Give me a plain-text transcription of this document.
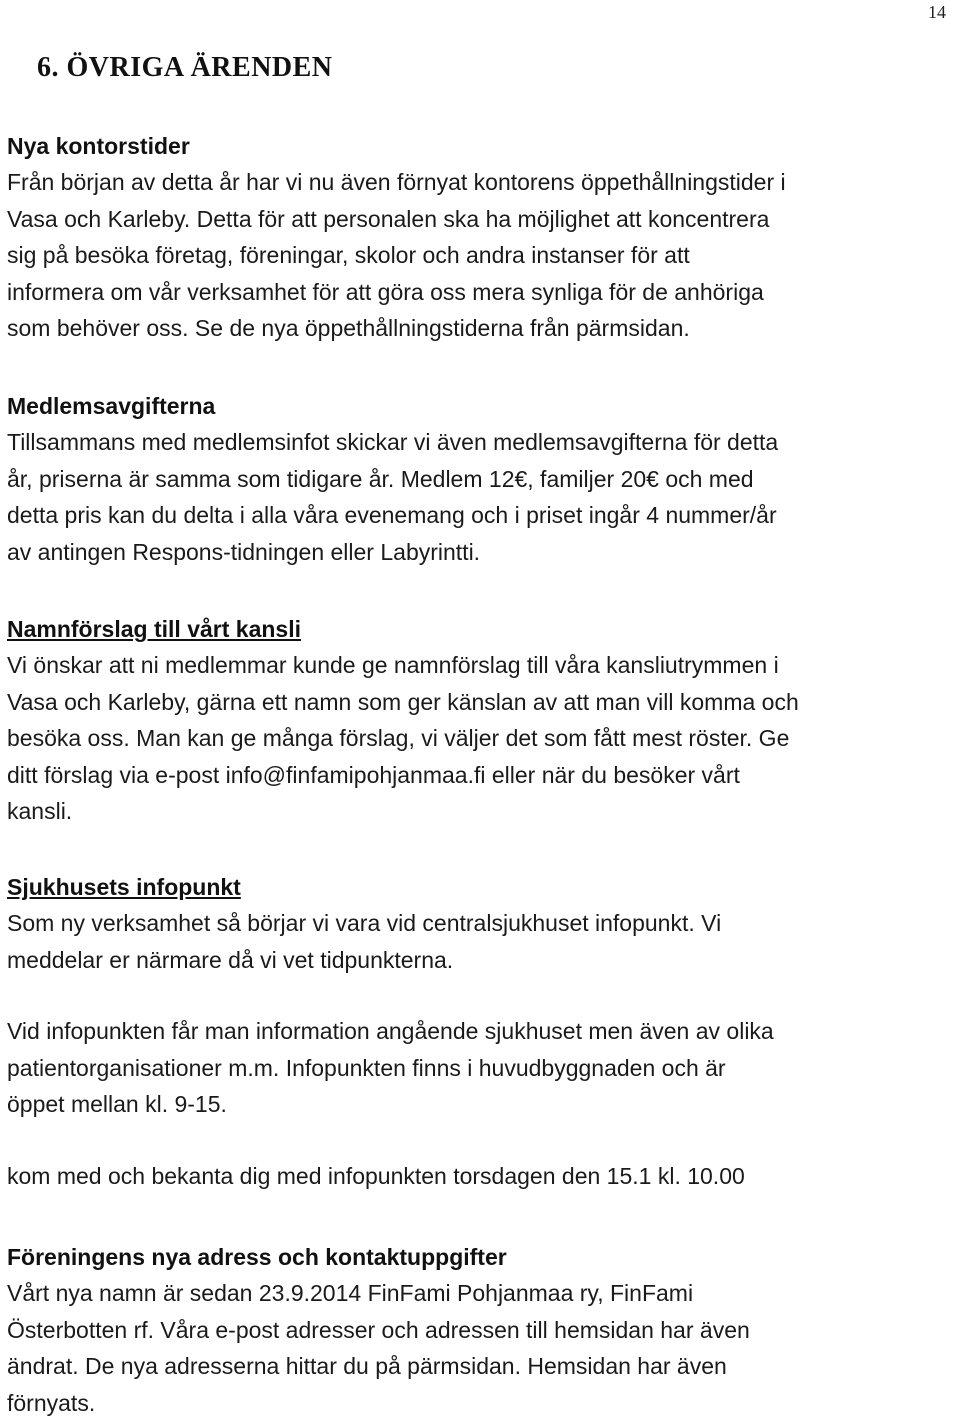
14
6. ÖVRIGA ÄRENDEN
Nya kontorstider

Från början av detta år har vi nu även förnyat kontorens öppethållningstider i
Vasa och Karleby. Detta för att personalen ska ha möjlighet att koncentrera
sig på besöka företag, föreningar, skolor och andra instanser för att
informera om vår verksamhet för att göra oss mera synliga för de anhöriga
som behöver oss. Se de nya öppethållningstiderna från pärmsidan.

Medlemsavgifterna

Tillsammans med medlemsinfot skickar vi även medlemsavgifterna för detta
år, priserna är samma som tidigare år. Medlem 12€, familjer 20€ och med
detta pris kan du delta i alla våra evenemang och i priset ingår 4 nummer/år
av antingen Respons-tidningen eller Labyrintti.

Namnförslag till vårt kansli

Vi önskar att ni medlemmar kunde ge namnförslag till våra kansliutrymmen i
Vasa och Karleby, gärna ett namn som ger känslan av att man vill komma och
besöka oss. Man kan ge många förslag, vi väljer det som fått mest röster. Ge
ditt förslag via e-post info@finfamipohjanmaa.fi eller när du besöker vårt
kansli.

Sjukhusets infopunkt

Som ny verksamhet så börjar vi vara vid centralsjukhuset infopunkt. Vi
meddelar er närmare då vi vet tidpunkterna.

Vid infopunkten får man information angående sjukhuset men även av olika
patientorganisationer m.m. Infopunkten finns i huvudbyggnaden och är
öppet mellan kl. 9-15.

kom med och bekanta dig med infopunkten torsdagen den 15.1 kl. 10.00

Föreningens nya adress och kontaktuppgifter

Vårt nya namn är sedan 23.9.2014 FinFami Pohjanmaa ry, FinFami
Österbotten rf. Våra e-post adresser och adressen till hemsidan har även
ändrat. De nya adresserna hittar du på pärmsidan. Hemsidan har även
förnyats.
